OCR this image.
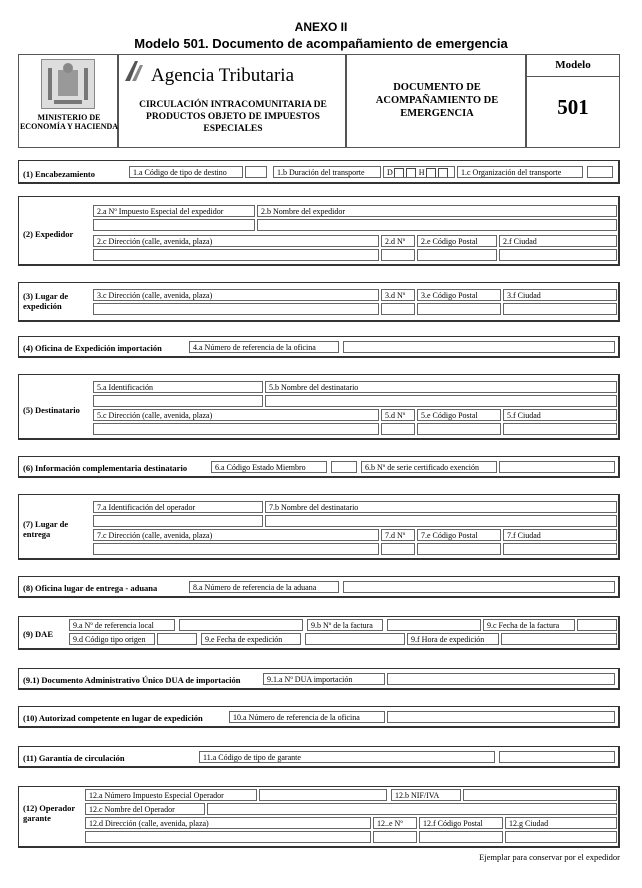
ANEXO II
Modelo 501. Documento de acompañamiento de emergencia
MINISTERIO DE ECONOMÍA Y HACIENDA
Agencia Tributaria
CIRCULACIÓN INTRACOMUNITARIA DE PRODUCTOS OBJETO DE IMPUESTOS ESPECIALES
DOCUMENTO DE ACOMPAÑAMIENTO DE EMERGENCIA
Modelo
501
(1) Encabezamiento	1.a Código de tipo de destino	1.b Duración del transporte	D	H	1.c Organización del transporte
(2) Expedidor
2.a Nº Impuesto Especial del expedidor	2.b Nombre del expedidor
2.c Dirección (calle, avenida, plaza)	2.d Nº	2.e Código Postal	2.f Ciudad
(3) Lugar de expedición
3.c Dirección (calle, avenida, plaza)	3.d Nº	3.e Código Postal	3.f Ciudad
(4) Oficina de Expedición importación	4.a Número de referencia de la oficina
(5) Destinatario
5.a Identificación	5.b Nombre del destinatario
5.c Dirección (calle, avenida, plaza)	5.d Nº	5.e Código Postal	5.f Ciudad
(6) Información complementaria destinatario	6.a Código Estado Miembro	6.b Nº de serie certificado exención
(7) Lugar de entrega
7.a Identificación del operador	7.b Nombre del destinatario
7.c Dirección (calle, avenida, plaza)	7.d Nº	7.e Código Postal	7.f Ciudad
(8) Oficina lugar de entrega - aduana	8.a Número de referencia de la aduana
(9) DAE
9.a Nº de referencia local	9.b Nº de la factura	9.c Fecha de la factura
9.d Código tipo origen	9.e Fecha de expedición	9.f Hora de expedición
(9.1) Documento Administrativo Único DUA de importación	9.1.a Nº DUA importación
(10) Autorizad competente en lugar de expedición	10.a Número de referencia de la oficina
(11) Garantía de circulación	11.a Código de tipo de garante
(12) Operador garante
12.a Número Impuesto Especial Operador	12.b NIF/IVA
12.c Nombre del Operador
12.d Dirección (calle, avenida, plaza)	12..e Nº	12.f Código Postal	12.g Ciudad
Ejemplar para conservar por el expedidor
